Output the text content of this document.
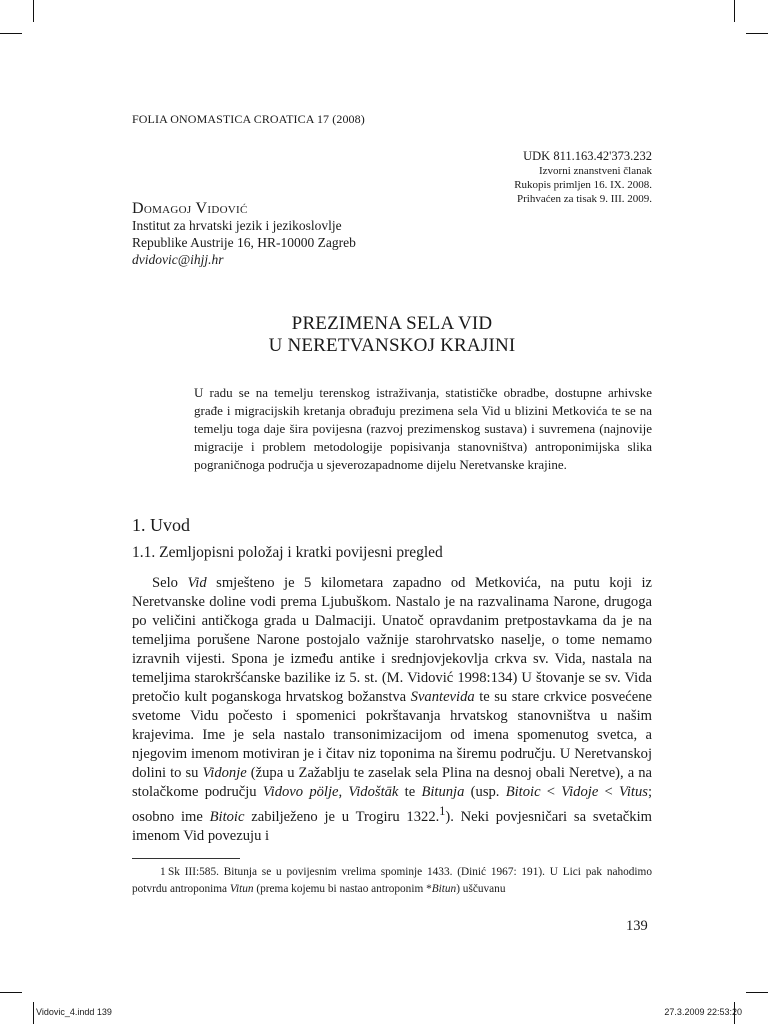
FOLIA ONOMASTICA CROATICA 17 (2008)
UDK 811.163.42'373.232
Izvorni znanstveni članak
Rukopis primljen 16. IX. 2008.
Prihvaćen za tisak 9. III. 2009.
Domagoj Vidović
Institut za hrvatski jezik i jezikoslovlje
Republike Austrije 16, HR-10000 Zagreb
dvidovic@ihjj.hr
PREZIMENA SELA VID
U NERETVANSKOJ KRAJINI

U radu se na temelju terenskog istraživanja, statističke obradbe, dostupne arhivske građe i migracijskih kretanja obrađuju prezimena sela Vid u blizini Metkovića te se na temelju toga daje šira povijesna (razvoj prezimenskog sustava) i suvremena (najnovije migracije i problem metodologije popisivanja stanovništva) antroponimijska slika pograničnoga područja u sjeverozapadnome dijelu Neretvanske krajine.

1. Uvod
1.1. Zemljopisni položaj i kratki povijesni pregled

Selo Vid smješteno je 5 kilometara zapadno od Metkovića, na putu koji iz Neretvanske doline vodi prema Ljubuškom. Nastalo je na razvalinama Narone, drugoga po veličini antičkoga grada u Dalmaciji. Unatoč opravdanim pretpostavkama da je na temeljima porušene Narone postojalo važnije starohrvatsko naselje, o tome nemamo izravnih vijesti. Spona je između antike i srednjovjekovlja crkva sv. Vida, nastala na temeljima starokršćanske bazilike iz 5. st. (M. Vidović 1998:134) U štovanje se sv. Vida pretočio kult poganskoga hrvatskog božanstva Svantevida te su stare crkvice posvećene svetome Vidu počesto i spomenici pokrštavanja hrvatskog stanovništva u našim krajevima. Ime je sela nastalo transonimizacijom od imena spomenutog svetca, a njegovim imenom motiviran je i čitav niz toponima na širemu području. U Neretvanskoj dolini to su Vidonje (župa u Zažablju te zaselak sela Plina na desnoj obali Neretve), a na stolačkome području Vidovo pölje, Vidoštāk te Bitunja (usp. Bitoic < Vidoje < Vitus; osobno ime Bitoic zabilježeno je u Trogiru 1322.$^1$). Neki povjesničari sa svetačkim imenom Vid povezuju i

1 Sk III:585. Bitunja se u povijesnim vrelima spominje 1433. (Dinić 1967: 191). U Lici pak nahodimo potvrdu antroponima Vitun (prema kojemu bi nastao antroponim *Bitun) uščuvanu

139
Vidovic_4.indd 139	27.3.2009 22:53:20
